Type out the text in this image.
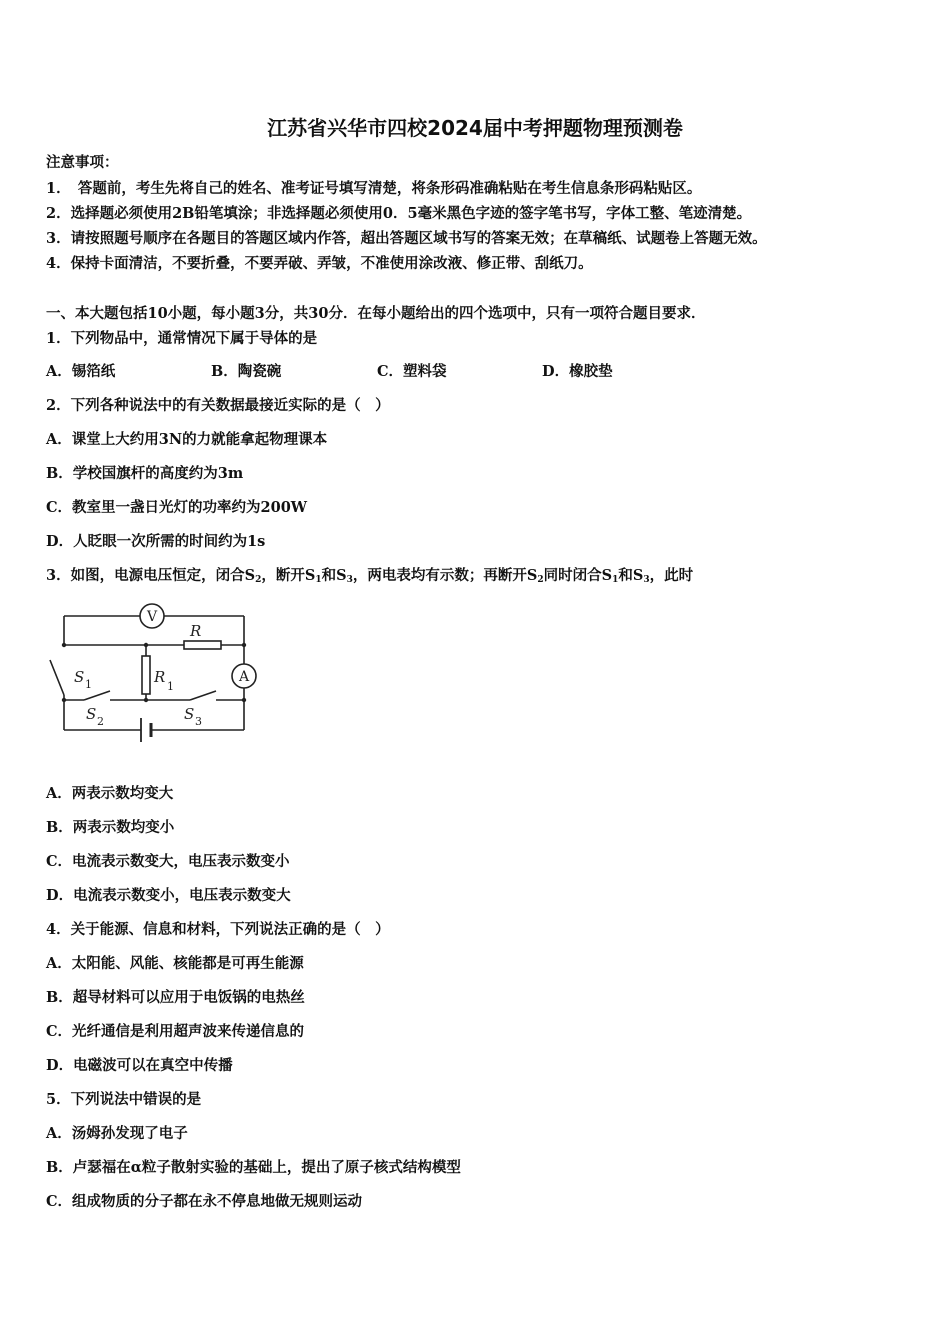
江苏省兴华市四校2024届中考押题物理预测卷
注意事项：
1．　答题前，考生先将自己的姓名、准考证号填写清楚，将条形码准确粘贴在考生信息条形码粘贴区。
2．选择题必须使用2B铅笔填涂；非选择题必须使用0．5毫米黑色字迹的签字笔书写，字体工整、笔迹清楚。
3．请按照题号顺序在各题目的答题区域内作答，超出答题区域书写的答案无效；在草稿纸、试题卷上答题无效。
4．保持卡面清洁，不要折叠，不要弄破、弄皱，不准使用涂改液、修正带、刮纸刀。
一、本大题包括10小题，每小题3分，共30分．在每小题给出的四个选项中，只有一项符合题目要求．
1．下列物品中，通常情况下属于导体的是
A．锡箔纸	B．陶瓷碗	C．塑料袋	D．橡胶垫
2．下列各种说法中的有关数据最接近实际的是（　）
A．课堂上大约用3N的力就能拿起物理课本
B．学校国旗杆的高度约为3m
C．教室里一盏日光灯的功率约为200W
D．人眨眼一次所需的时间约为1s
3．如图，电源电压恒定，闭合$S_2$，断开$S_1$和$S_3$，两电表均有示数；再断开$S_2$同时闭合$S_1$和$S_3$，此时
V
A
R
R
1
S 1
S 2	S 3
A．两表示数均变大
B．两表示数均变小
C．电流表示数变大，电压表示数变小
D．电流表示数变小，电压表示数变大
4．关于能源、信息和材料，下列说法正确的是（　）
A．太阳能、风能、核能都是可再生能源
B．超导材料可以应用于电饭锅的电热丝
C．光纤通信是利用超声波来传递信息的
D．电磁波可以在真空中传播
5．下列说法中错误的是
A．汤姆孙发现了电子
B．卢瑟福在α粒子散射实验的基础上，提出了原子核式结构模型
C．组成物质的分子都在永不停息地做无规则运动
